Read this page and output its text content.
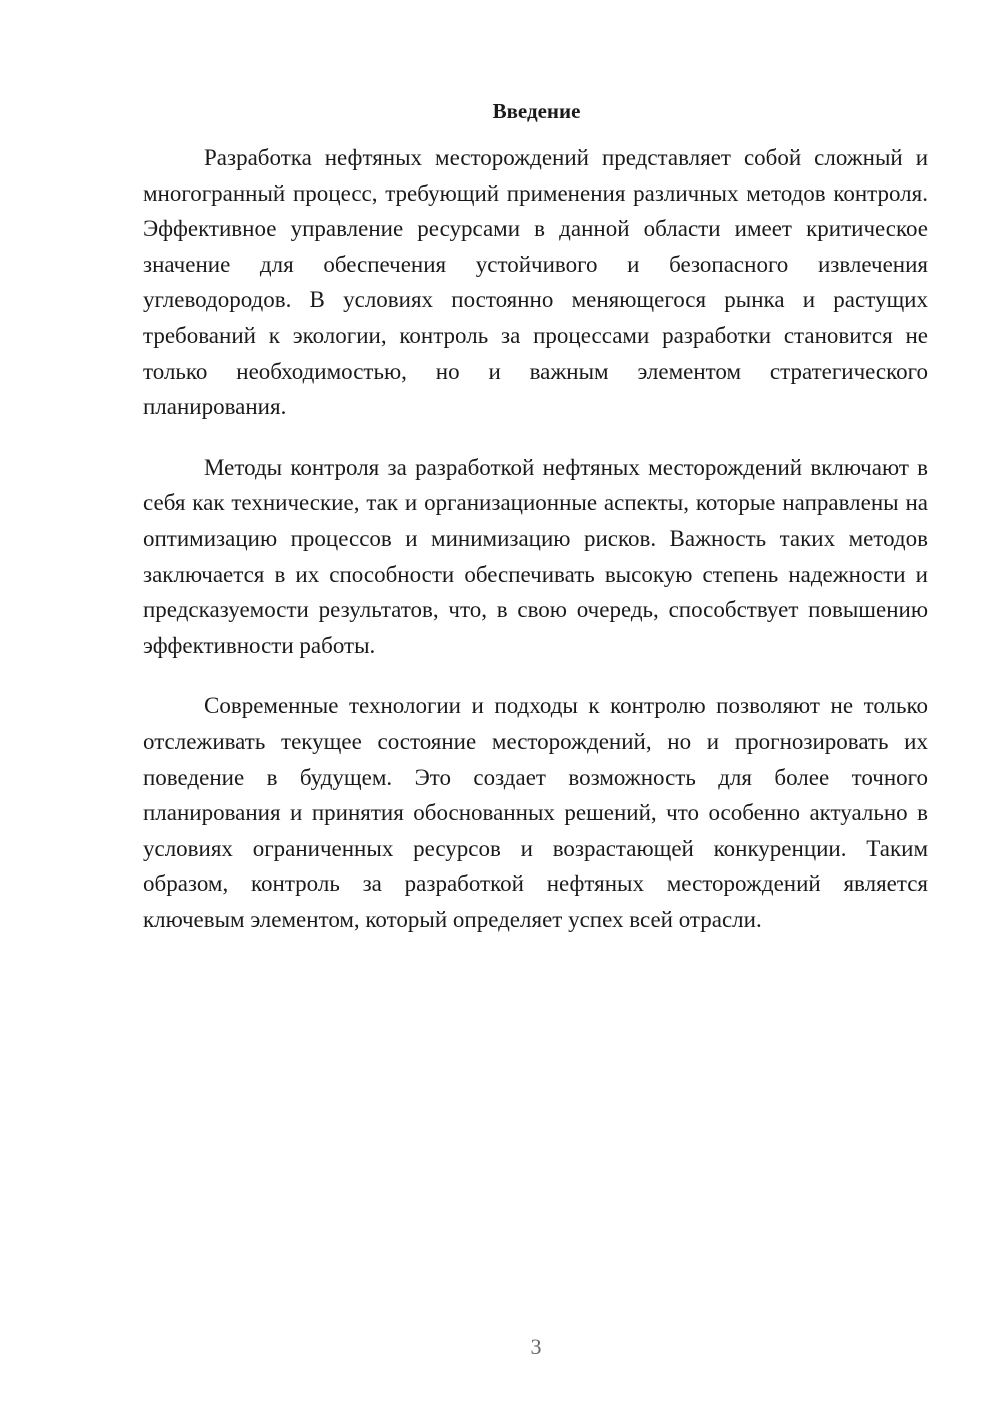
Введение

Разработка нефтяных месторождений представляет собой сложный и многогранный процесс, требующий применения различных методов контроля. Эффективное управление ресурсами в данной области имеет критическое значение для обеспечения устойчивого и безопасного извлечения углеводородов. В условиях постоянно меняющегося рынка и растущих требований к экологии, контроль за процессами разработки становится не только необходимостью, но и важным элементом стратегического планирования.

Методы контроля за разработкой нефтяных месторождений включают в себя как технические, так и организационные аспекты, которые направлены на оптимизацию процессов и минимизацию рисков. Важность таких методов заключается в их способности обеспечивать высокую степень надежности и предсказуемости результатов, что, в свою очередь, способствует повышению эффективности работы.

Современные технологии и подходы к контролю позволяют не только отслеживать текущее состояние месторождений, но и прогнозировать их поведение в будущем. Это создает возможность для более точного планирования и принятия обоснованных решений, что особенно актуально в условиях ограниченных ресурсов и возрастающей конкуренции. Таким образом, контроль за разработкой нефтяных месторождений является ключевым элементом, который определяет успех всей отрасли.

3
